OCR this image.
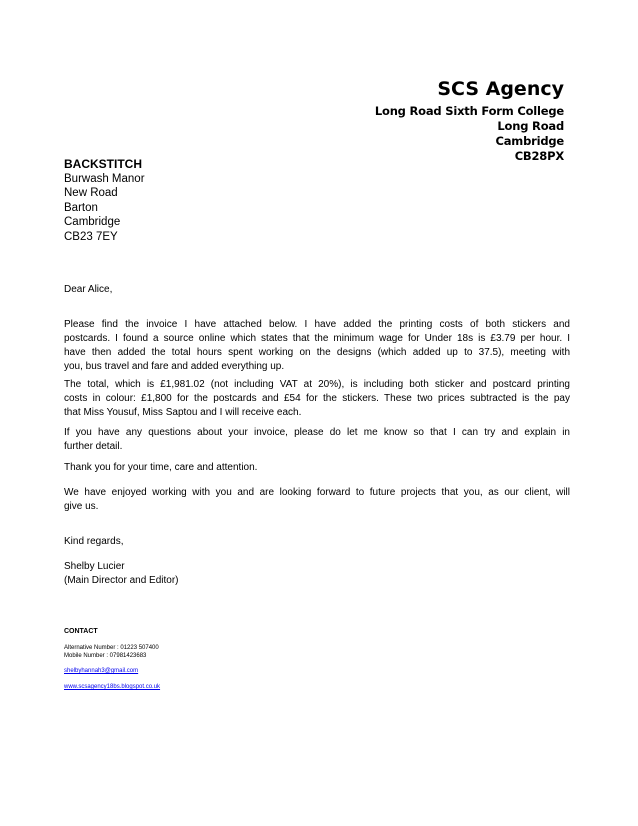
SCS Agency
Long Road Sixth Form College
Long Road
Cambridge
CB28PX
BACKSTITCH
Burwash Manor
New Road
Barton
Cambridge
CB23 7EY
Dear Alice,
Please find the invoice I have attached below. I have added the printing costs of both stickers and
postcards. I found a source online which states that the minimum wage for Under 18s is £3.79 per hour. I
have then added the total hours spent working on the designs (which added up to 37.5), meeting with
you, bus travel and fare and added everything up.
The total, which is £1,981.02 (not including VAT at 20%), is including both sticker and postcard printing
costs in colour: £1,800 for the postcards and £54 for the stickers. These two prices subtracted is the pay
that Miss Yousuf, Miss Saptou and I will receive each.
If you have any questions about your invoice, please do let me know so that I can try and explain in
further detail.
Thank you for your time, care and attention.
We have enjoyed working with you and are looking forward to future projects that you, as our client, will
give us.
Kind regards,
Shelby Lucier
(Main Director and Editor)
CONTACT
Alternative Number : 01223 507400
Mobile Number : 07981423683
shelbyhannah3@gmail.com
www.scsagency18bs.blogspot.co.uk
